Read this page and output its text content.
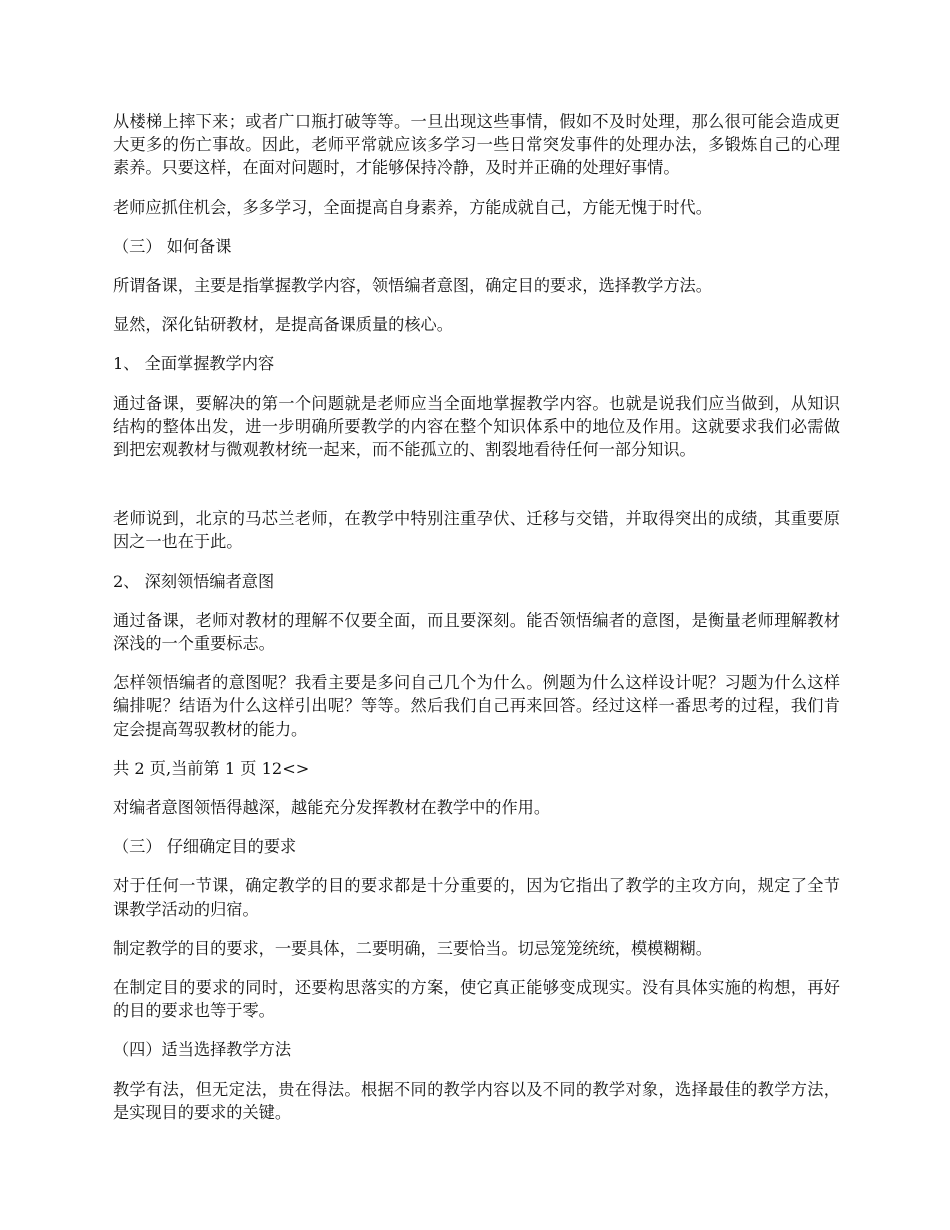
从楼梯上摔下来；或者广口瓶打破等等。一旦出现这些事情，假如不及时处理，那么很可能会造成更大更多的伤亡事故。因此，老师平常就应该多学习一些日常突发事件的处理办法，多锻炼自己的心理素养。只要这样，在面对问题时，才能够保持冷静，及时并正确的处理好事情。

老师应抓住机会，多多学习，全面提高自身素养，方能成就自己，方能无愧于时代。

（三） 如何备课

所谓备课，主要是指掌握教学内容，领悟编者意图，确定目的要求，选择教学方法。

显然，深化钻研教材，是提高备课质量的核心。

1、 全面掌握教学内容

通过备课，要解决的第一个问题就是老师应当全面地掌握教学内容。也就是说我们应当做到，从知识结构的整体出发，进一步明确所要教学的内容在整个知识体系中的地位及作用。这就要求我们必需做到把宏观教材与微观教材统一起来，而不能孤立的、割裂地看待任何一部分知识。

老师说到，北京的马芯兰老师，在教学中特别注重孕伏、迁移与交错，并取得突出的成绩，其重要原因之一也在于此。

2、 深刻领悟编者意图

通过备课，老师对教材的理解不仅要全面，而且要深刻。能否领悟编者的意图，是衡量老师理解教材深浅的一个重要标志。

怎样领悟编者的意图呢？我看主要是多问自己几个为什么。例题为什么这样设计呢？习题为什么这样编排呢？结语为什么这样引出呢？等等。然后我们自己再来回答。经过这样一番思考的过程，我们肯定会提高驾驭教材的能力。

共 2 页,当前第 1 页 12<>

对编者意图领悟得越深，越能充分发挥教材在教学中的作用。

（三） 仔细确定目的要求

对于任何一节课，确定教学的目的要求都是十分重要的，因为它指出了教学的主攻方向，规定了全节课教学活动的归宿。

制定教学的目的要求，一要具体，二要明确，三要恰当。切忌笼笼统统，模模糊糊。

在制定目的要求的同时，还要构思落实的方案，使它真正能够变成现实。没有具体实施的构想，再好的目的要求也等于零。

（四）适当选择教学方法

教学有法，但无定法，贵在得法。根据不同的教学内容以及不同的教学对象，选择最佳的教学方法，是实现目的要求的关键。
